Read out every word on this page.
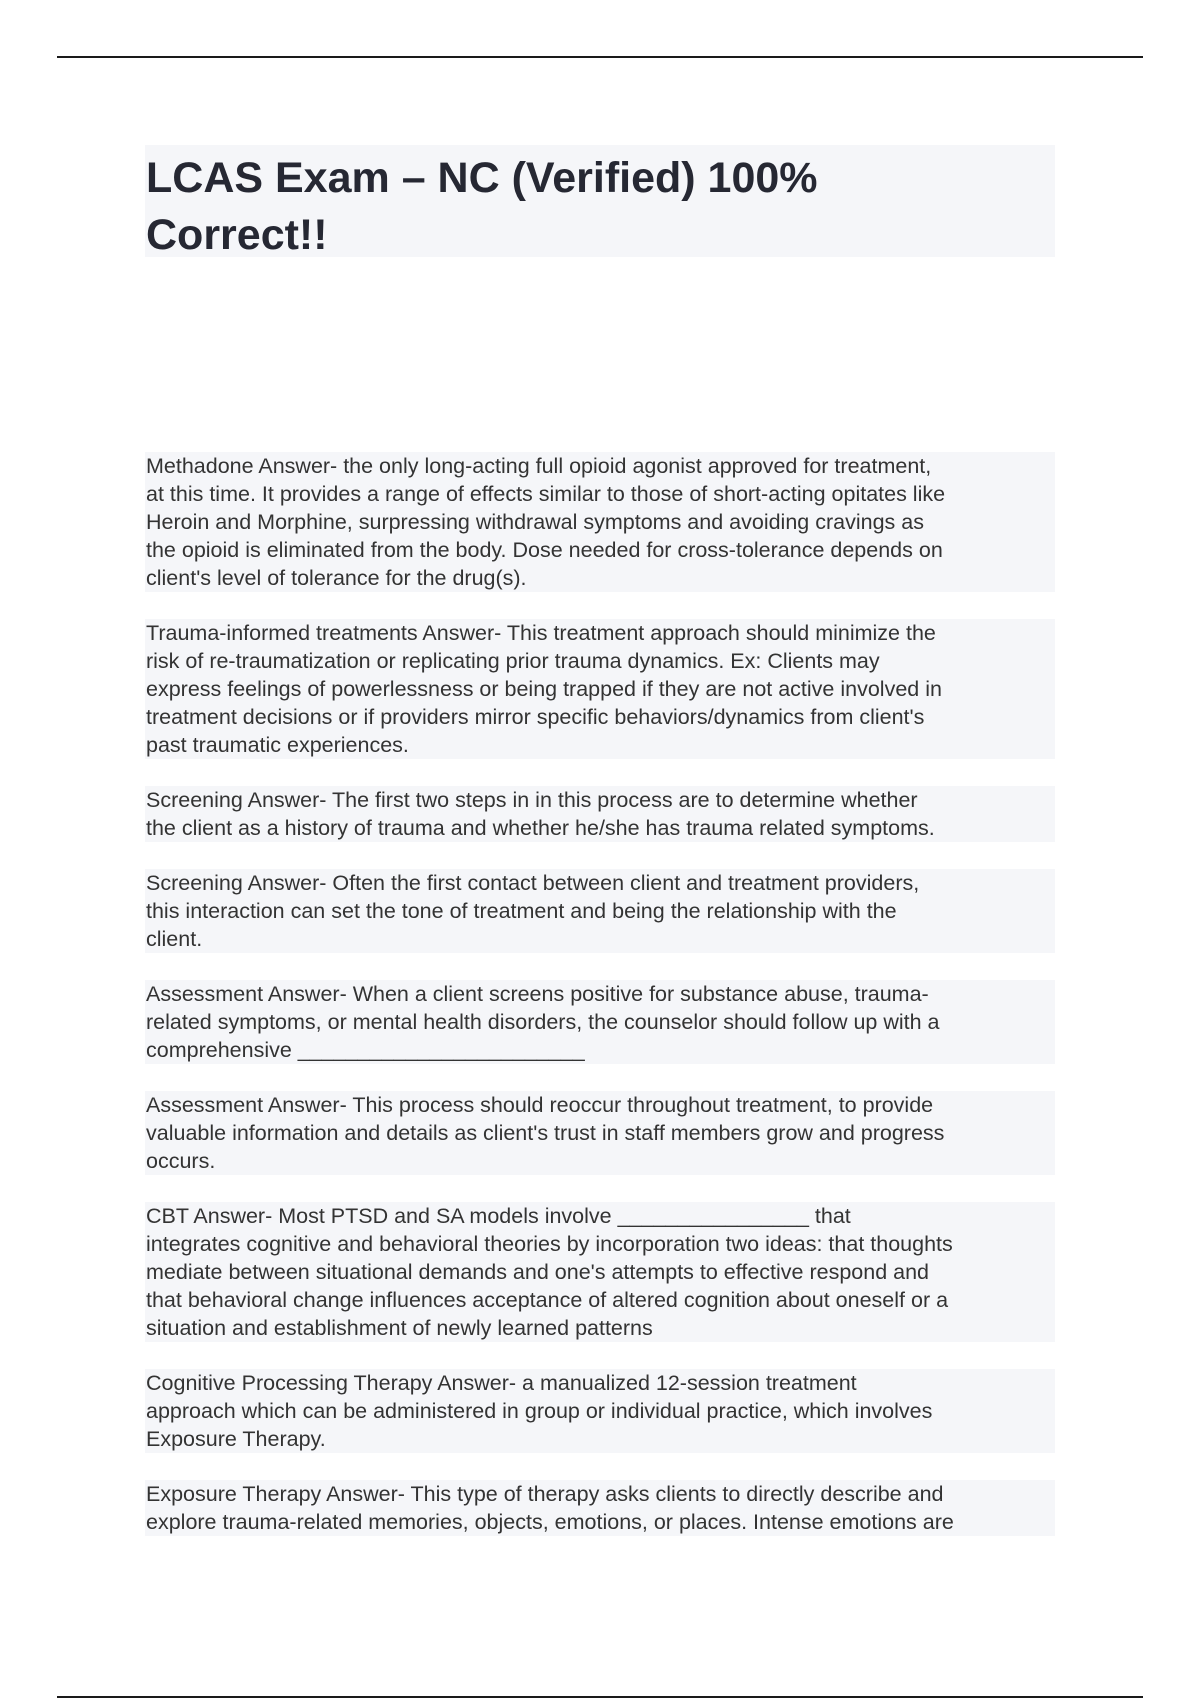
LCAS Exam – NC (Verified) 100%
Correct!!

Methadone Answer- the only long-acting full opioid agonist approved for treatment,
at this time. It provides a range of effects similar to those of short-acting opitates like
Heroin and Morphine, surpressing withdrawal symptoms and avoiding cravings as
the opioid is eliminated from the body. Dose needed for cross-tolerance depends on
client's level of tolerance for the drug(s).

Trauma-informed treatments Answer- This treatment approach should minimize the
risk of re-traumatization or replicating prior trauma dynamics. Ex: Clients may
express feelings of powerlessness or being trapped if they are not active involved in
treatment decisions or if providers mirror specific behaviors/dynamics from client's
past traumatic experiences.

Screening Answer- The first two steps in in this process are to determine whether
the client as a history of trauma and whether he/she has trauma related symptoms.

Screening Answer- Often the first contact between client and treatment providers,
this interaction can set the tone of treatment and being the relationship with the
client.

Assessment Answer- When a client screens positive for substance abuse, trauma-
related symptoms, or mental health disorders, the counselor should follow up with a
comprehensive ________________________

Assessment Answer- This process should reoccur throughout treatment, to provide
valuable information and details as client's trust in staff members grow and progress
occurs.

CBT Answer- Most PTSD and SA models involve ________________ that
integrates cognitive and behavioral theories by incorporation two ideas: that thoughts
mediate between situational demands and one's attempts to effective respond and
that behavioral change influences acceptance of altered cognition about oneself or a
situation and establishment of newly learned patterns

Cognitive Processing Therapy Answer- a manualized 12-session treatment
approach which can be administered in group or individual practice, which involves
Exposure Therapy.

Exposure Therapy Answer- This type of therapy asks clients to directly describe and
explore trauma-related memories, objects, emotions, or places. Intense emotions are
